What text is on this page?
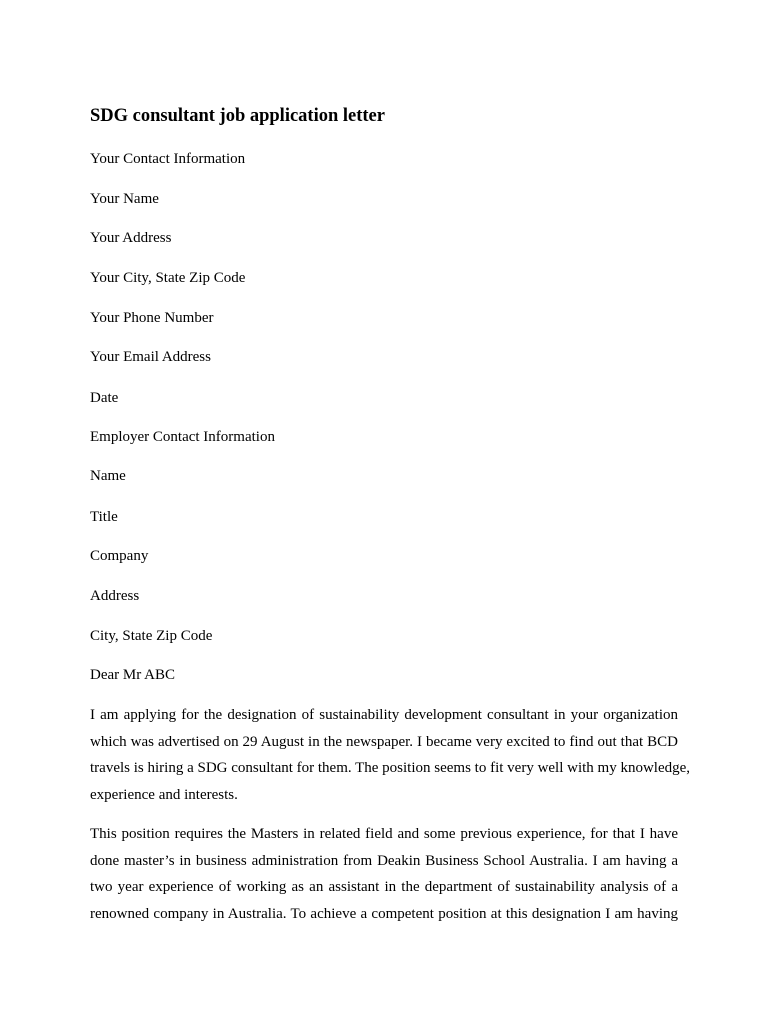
SDG consultant job application letter
Your Contact Information
Your Name
Your Address
Your City, State Zip Code
Your Phone Number
Your Email Address
Date
Employer Contact Information
Name
Title
Company
Address
City, State Zip Code
Dear Mr ABC
I am applying for the designation of sustainability development consultant in your organization
which was advertised on 29 August in the newspaper. I became very excited to find out that BCD
travels is hiring a SDG consultant for them. The position seems to fit very well with my knowledge,
experience and interests.
This position requires the Masters in related field and some previous experience, for that I have
done master’s in business administration from Deakin Business School Australia. I am having a
two year experience of working as an assistant in the department of sustainability analysis of a
renowned company in Australia. To achieve a competent position at this designation I am having
